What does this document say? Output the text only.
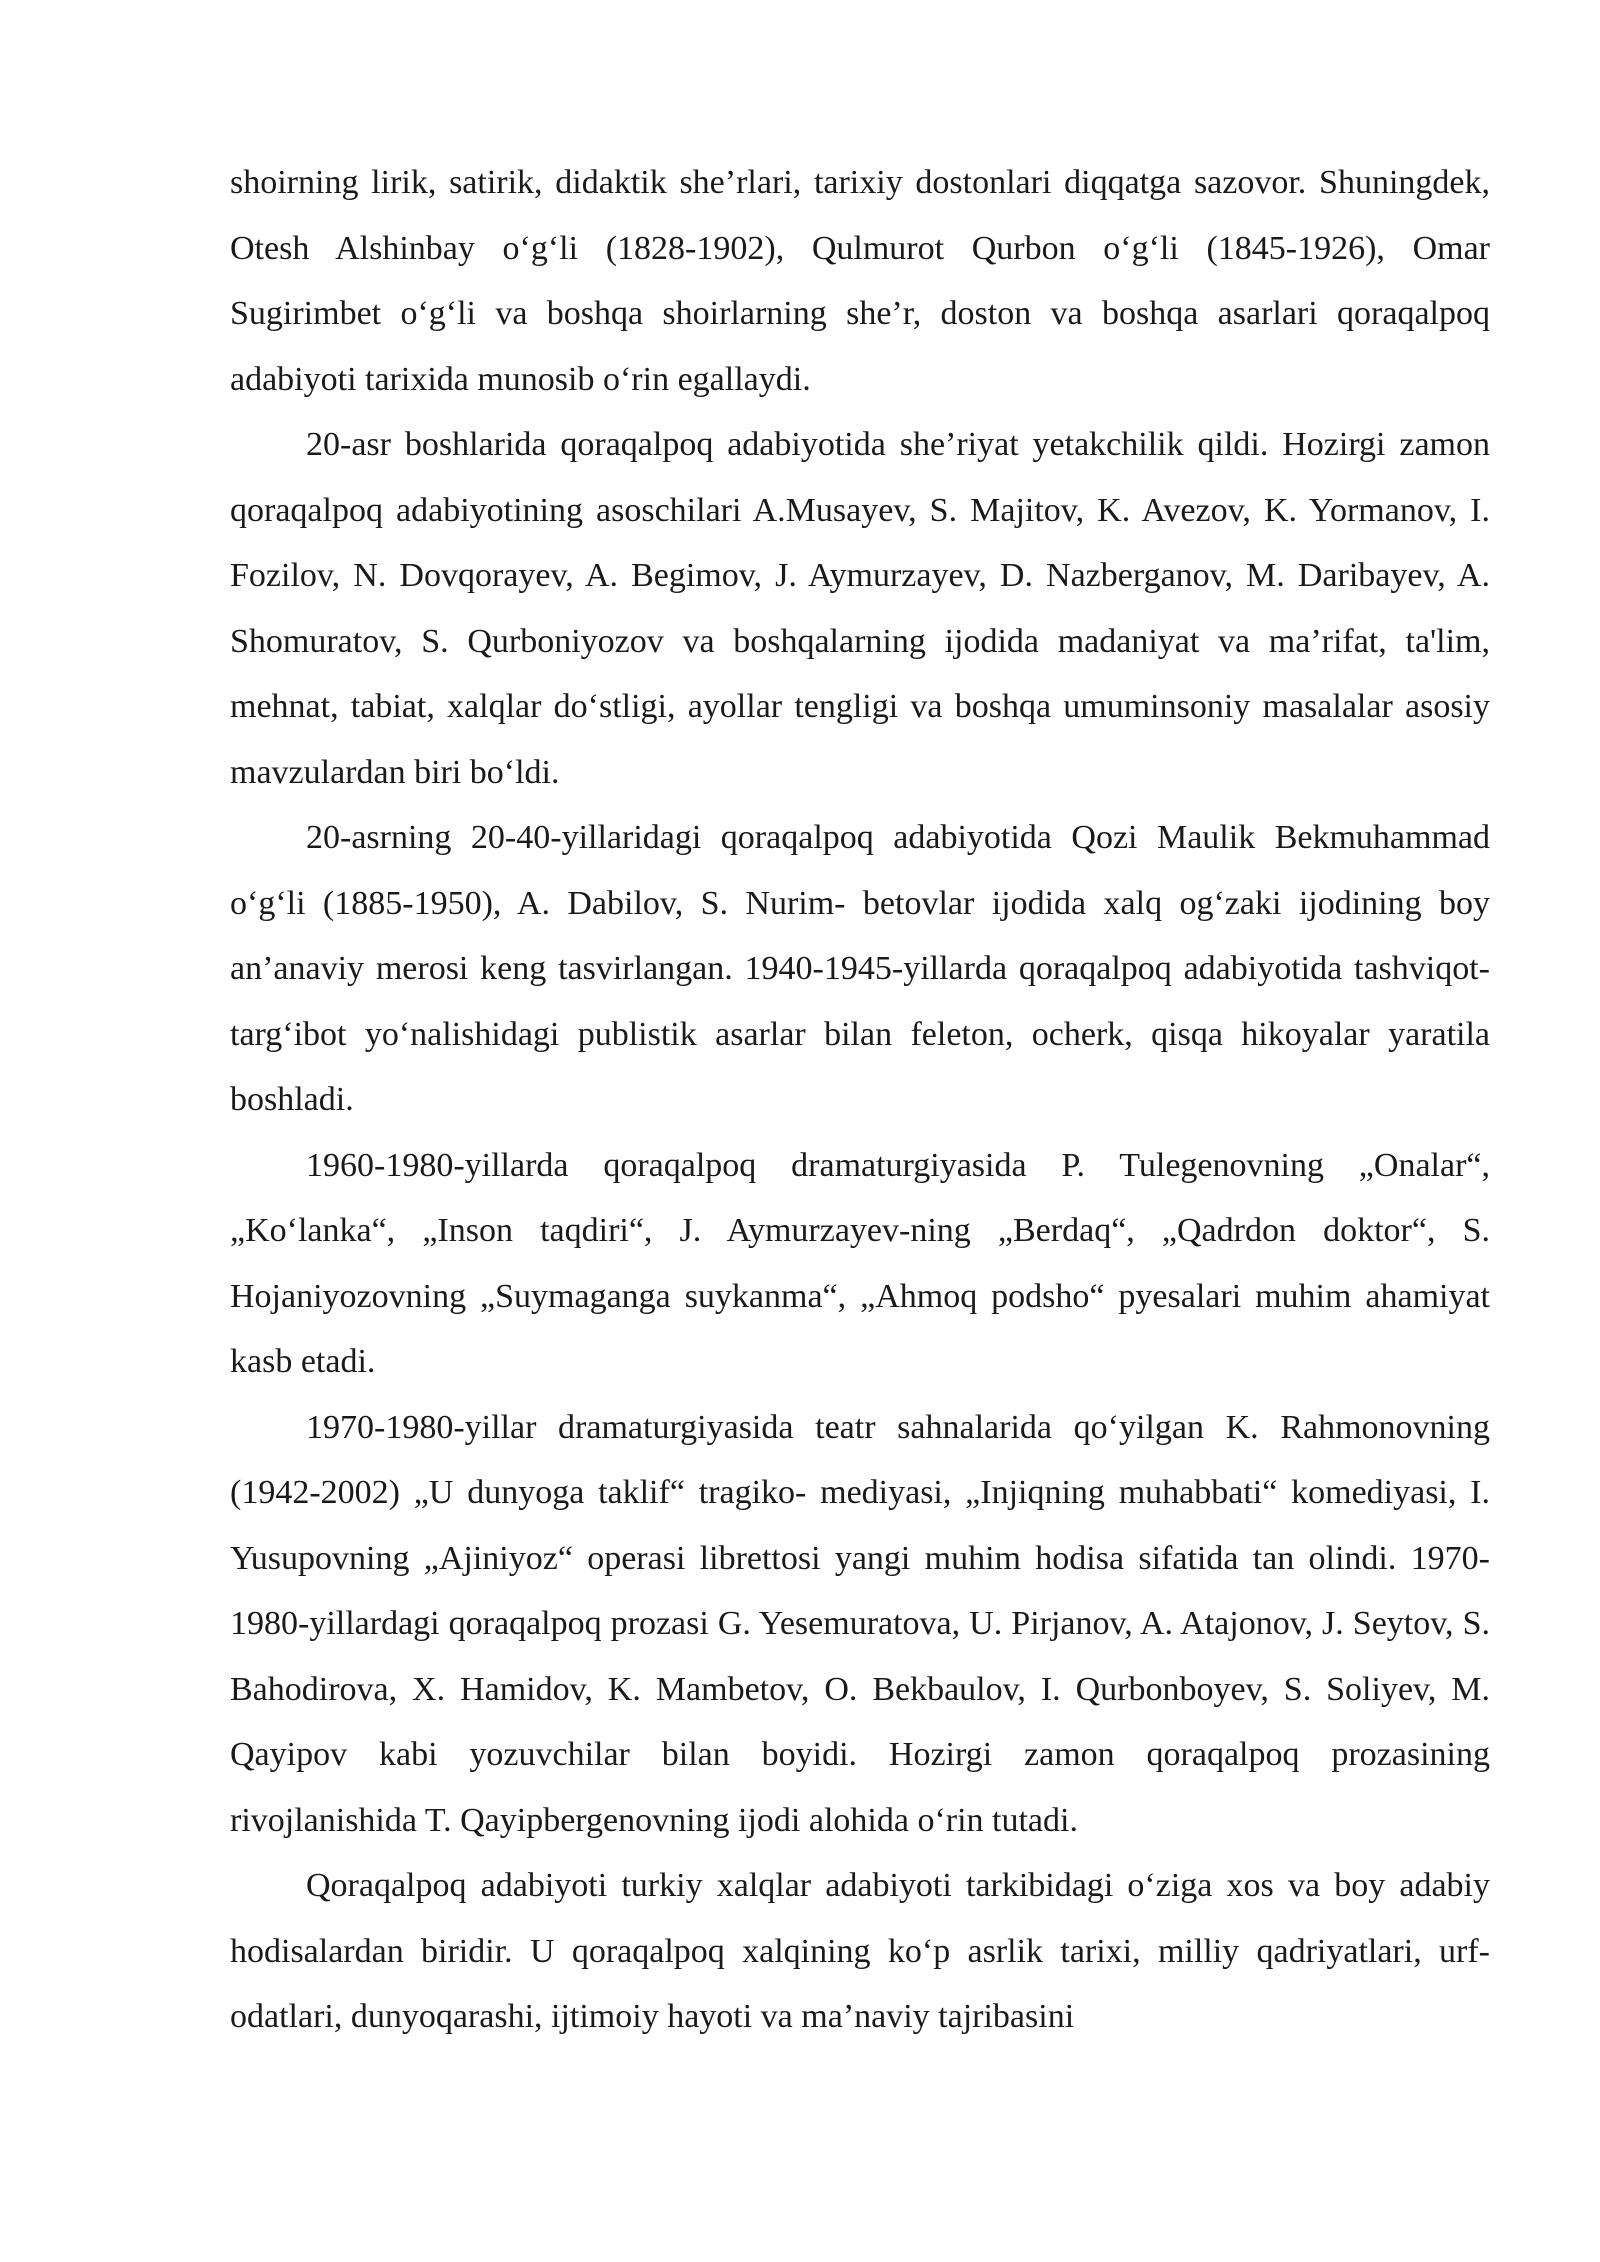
shoirning lirik, satirik, didaktik she’rlari, tarixiy dostonlari diqqatga sazovor. Shuningdek, Otesh Alshinbay o‘g‘li (1828-1902), Qulmurot Qurbon o‘g‘li (1845-1926), Omar Sugirimbet o‘g‘li va boshqa shoirlarning she’r, doston va boshqa asarlari qoraqalpoq adabiyoti tarixida munosib o‘rin egallaydi.

20-asr boshlarida qoraqalpoq adabiyotida she’riyat yetakchilik qildi. Hozirgi zamon qoraqalpoq adabiyotining asoschilari A.Musayev, S. Majitov, K. Avezov, K. Yormanov, I. Fozilov, N. Dovqorayev, A. Begimov, J. Aymurzayev, D. Nazberganov, M. Daribayev, A. Shomuratov, S. Qurboniyozov va boshqalarning ijodida madaniyat va ma’rifat, ta'lim, mehnat, tabiat, xalqlar do‘stligi, ayollar tengligi va boshqa umuminsoniy masalalar asosiy mavzulardan biri bo‘ldi.

20-asrning 20-40-yillaridagi qoraqalpoq adabiyotida Qozi Maulik Bekmuhammad o‘g‘li (1885-1950), A. Dabilov, S. Nurim- betovlar ijodida xalq og‘zaki ijodining boy an’anaviy merosi keng tasvirlangan. 1940-1945-yillarda qoraqalpoq adabiyotida tashviqot-targ‘ibot yo‘nalishidagi publistik asarlar bilan feleton, ocherk, qisqa hikoyalar yaratila boshladi.

1960-1980-yillarda qoraqalpoq dramaturgiyasida P. Tulegenovning „Onalar“, „Ko‘lanka“, „Inson taqdiri“, J. Aymurzayev-ning „Berdaq“, „Qadrdon doktor“, S. Hojaniyozovning „Suymaganga suykanma“, „Ahmoq podsho“ pyesalari muhim ahamiyat kasb etadi.

1970-1980-yillar dramaturgiyasida teatr sahnalarida qo‘yilgan K. Rahmonovning (1942-2002) „U dunyoga taklif“ tragiko- mediyasi, „Injiqning muhabbati“ komediyasi, I. Yusupovning „Ajiniyoz“ operasi librettosi yangi muhim hodisa sifatida tan olindi. 1970-1980-yillardagi qoraqalpoq prozasi G. Yesemuratova, U. Pirjanov, A. Atajonov, J. Seytov, S. Bahodirova, X. Hamidov, K. Mambetov, O. Bekbaulov, I. Qurbonboyev, S. Soliyev, M. Qayipov kabi yozuvchilar bilan boyidi. Hozirgi zamon qoraqalpoq prozasining rivojlanishida T. Qayipbergenovning ijodi alohida o‘rin tutadi.

Qoraqalpoq adabiyoti turkiy xalqlar adabiyoti tarkibidagi o‘ziga xos va boy adabiy hodisalardan biridir. U qoraqalpoq xalqining ko‘p asrlik tarixi, milliy qadriyatlari, urf-odatlari, dunyoqarashi, ijtimoiy hayoti va ma’naviy tajribasini
